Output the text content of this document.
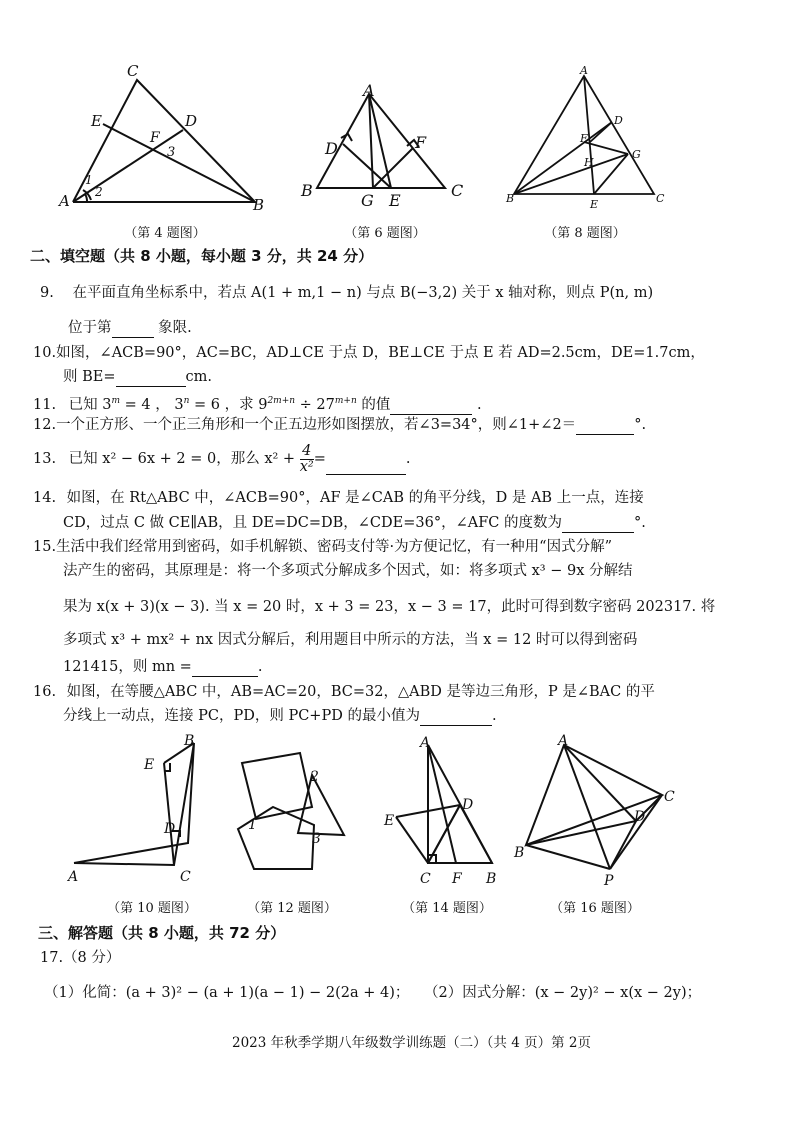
C
E	D
F
3
1
2
A	B
（第 4 题图）
A
D	F
B
G E
C
（第 6 题图）
A
D
F
G
H
B	E	C
（第 8 题图）
二、填空题（共 8 小题，每小题 3 分，共 24 分）
9. 在平面直角坐标系中，若点 A(1 + m,1 − n) 与点 B(−3,2) 关于 x 轴对称，则点 P(n, m)
位于第	象限.
10.如图，∠ACB=90°，AC=BC，AD⊥CE 于点 D，BE⊥CE 于点 E 若 AD=2.5cm，DE=1.7cm，
则 BE=	cm.
11. 已知 $3^m = 4$ ， $3^n = 6$ ，求 $9^{2m+n} \div 27^{m+n}$ 的值	.
12.一个正方形、一个正三角形和一个正五边形如图摆放，若∠3=34°，则∠1+∠2＝	°.
13. 已知 x² − 6x + 2 = 0，那么 $x^2 + \frac{4}{\text{x²}}$ =	.
14. 如图，在 Rt△ABC 中，∠ACB=90°，AF 是∠CAB 的角平分线，D 是 AB 上一点，连接
CD，过点 C 做 CE∥AB，且 DE=DC=DB，∠CDE=36°，∠AFC 的度数为	°.
15.生活中我们经常用到密码，如手机解锁、密码支付等·为方便记忆，有一种用“因式分解”
法产生的密码，其原理是：将一个多项式分解成多个因式，如：将多项式 x³ − 9x 分解结
果为 x(x + 3)(x − 3). 当 x = 20 时，x + 3 = 23，x − 3 = 17，此时可得到数字密码 202317. 将
多项式 x³ + mx² + nx 因式分解后，利用题目中所示的方法，当 x = 12 时可以得到密码
121415，则 mn =	.
16. 如图，在等腰△ABC 中，AB=AC=20，BC=32，△ABD 是等边三角形，P 是∠BAC 的平
分线上一动点，连接 PC，PD，则 PC+PD 的最小值为	.
B
E
D
A	C
（第 10 题图）
2
1
3
（第 12 题图）
A
D
E
C F B
（第 14 题图）
A
C
D
B
P
（第 16 题图）
三、解答题（共 8 小题，共 72 分）
17.（8 分）
（1）化简：(a + 3)² − (a + 1)(a − 1) − 2(2a + 4)； （2）因式分解：(x − 2y)² − x(x − 2y)；
2023 年秋季学期八年级数学训练题（二）（共 4 页）第 2页
